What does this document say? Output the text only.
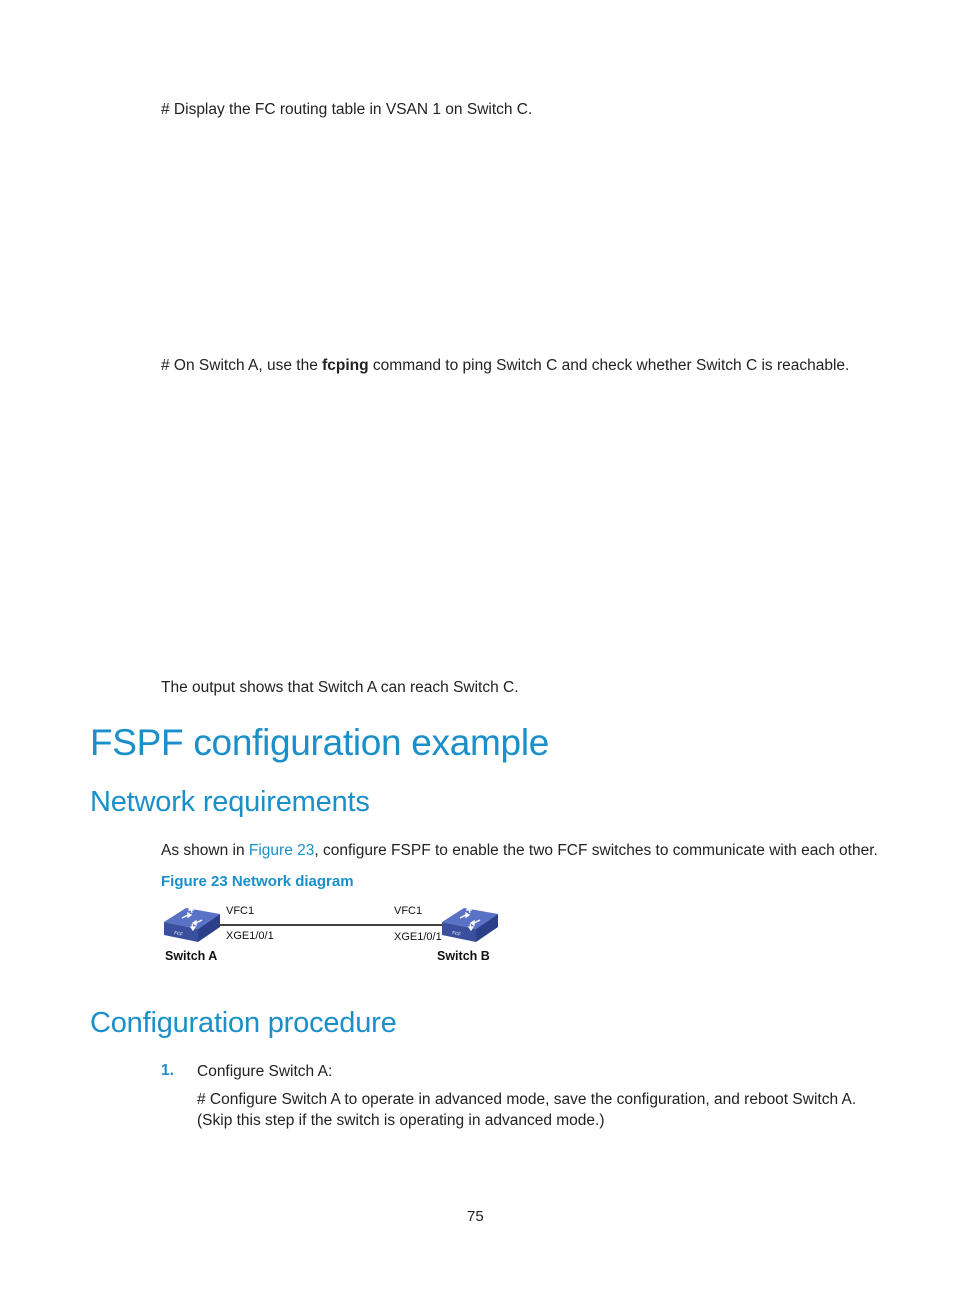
# Display the FC routing table in VSAN 1 on Switch C.
# On Switch A, use the fcping command to ping Switch C and check whether Switch C is reachable.
The output shows that Switch A can reach Switch C.
FSPF configuration example
Network requirements
As shown in Figure 23, configure FSPF to enable the two FCF switches to communicate with each other.
Figure 23 Network diagram
FCF	FCF
VFC1
XGE1/0/1
VFC1
XGE1/0/1
Switch A	Switch B
Configuration procedure
1. Configure Switch A:
# Configure Switch A to operate in advanced mode, save the configuration, and reboot Switch A.
(Skip this step if the switch is operating in advanced mode.)
75
